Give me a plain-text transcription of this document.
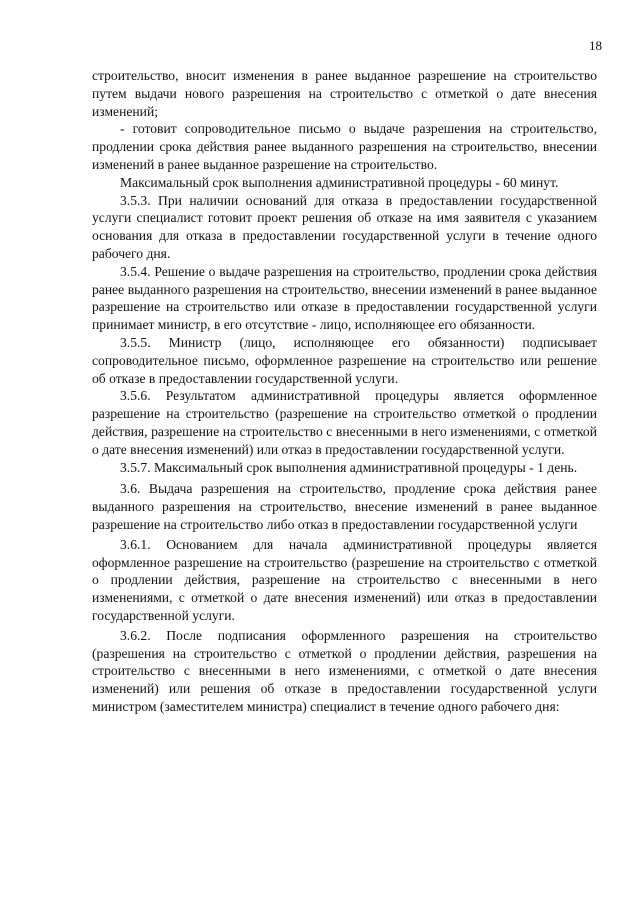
18

строительство, вносит изменения в ранее выданное разрешение на строительство путем выдачи нового разрешения на строительство с отметкой о дате внесения изменений;

- готовит сопроводительное письмо о выдаче разрешения на строительство, продлении срока действия ранее выданного разрешения на строительство, внесении изменений в ранее выданное разрешение на строительство.

Максимальный срок выполнения административной процедуры - 60 минут.

3.5.3. При наличии оснований для отказа в предоставлении государственной услуги специалист готовит проект решения об отказе на имя заявителя с указанием основания для отказа в предоставлении государственной услуги в течение одного рабочего дня.

3.5.4. Решение о выдаче разрешения на строительство, продлении срока действия ранее выданного разрешения на строительство, внесении изменений в ранее выданное разрешение на строительство или отказе в предоставлении государственной услуги принимает министр, в его отсутствие - лицо, исполняющее его обязанности.

3.5.5. Министр (лицо, исполняющее его обязанности) подписывает сопроводительное письмо, оформленное разрешение на строительство или решение об отказе в предоставлении государственной услуги.

3.5.6. Результатом административной процедуры является оформленное разрешение на строительство (разрешение на строительство отметкой о продлении действия, разрешение на строительство с внесенными в него изменениями, с отметкой о дате внесения изменений) или отказ в предоставлении государственной услуги.

3.5.7. Максимальный срок выполнения административной процедуры - 1 день.

3.6. Выдача разрешения на строительство, продление срока действия ранее выданного разрешения на строительство, внесение изменений в ранее выданное разрешение на строительство либо отказ в предоставлении государственной услуги

3.6.1. Основанием для начала административной процедуры является оформленное разрешение на строительство (разрешение на строительство с отметкой о продлении действия, разрешение на строительство с внесенными в него изменениями, с отметкой о дате внесения изменений) или отказ в предоставлении государственной услуги.

3.6.2. После подписания оформленного разрешения на строительство (разрешения на строительство с отметкой о продлении действия, разрешения на строительство с внесенными в него изменениями, с отметкой о дате внесения изменений) или решения об отказе в предоставлении государственной услуги министром (заместителем министра) специалист в течение одного рабочего дня:
